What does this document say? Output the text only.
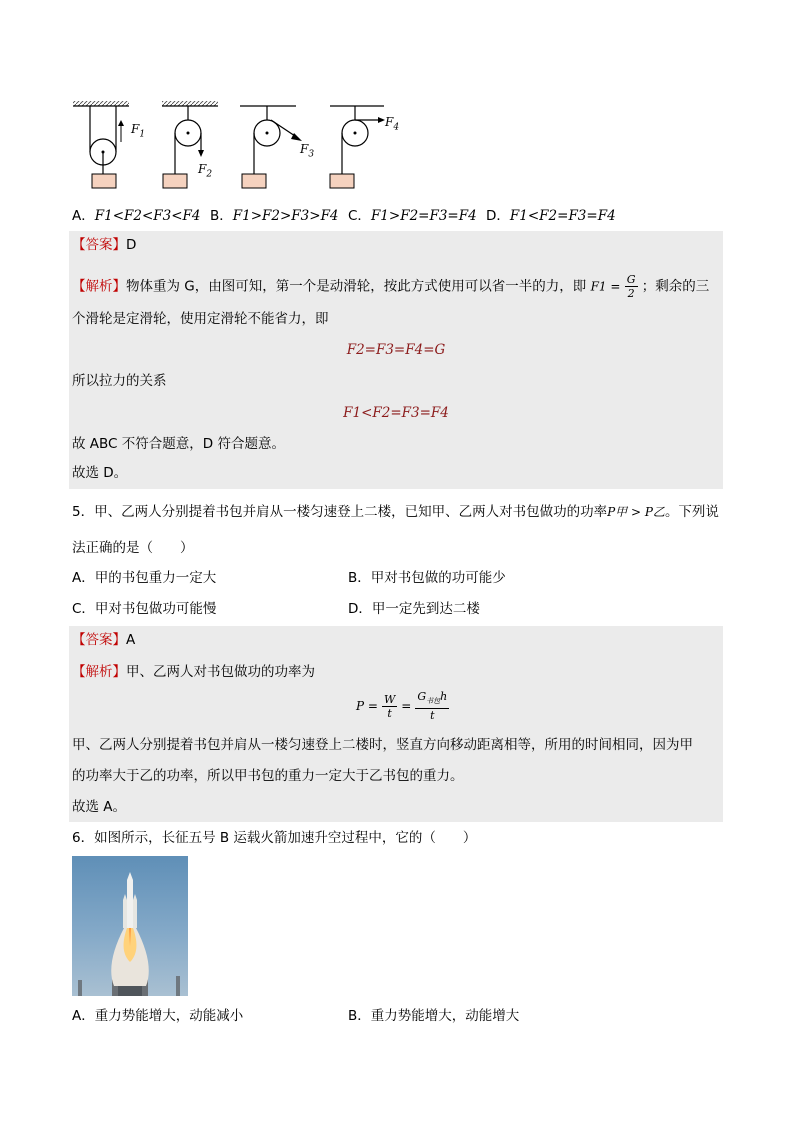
$F_1$
$F_2$
$F_3$
$F_4$
A．F1<F2<F3<F4 B．F1>F2>F3>F4 C．F1>F2=F3=F4 D．F1<F2=F3=F4
【答案】D
【解析】物体重为 G，由图可知，第一个是动滑轮，按此方式使用可以省一半的力，即 $F1 = \frac{G}{2}$ ；剩余的三
个滑轮是定滑轮，使用定滑轮不能省力，即
F2=F3=F4=G
所以拉力的关系
F1<F2=F3=F4
故 ABC 不符合题意，D 符合题意。
故选 D。
5．甲、乙两人分别提着书包并肩从一楼匀速登上二楼，已知甲、乙两人对书包做功的功率P甲 > P乙。下列说
法正确的是（　　）
A．甲的书包重力一定大	B．甲对书包做的功可能少
C．甲对书包做功可能慢	D．甲一定先到达二楼
【答案】A
【解析】甲、乙两人对书包做功的功率为
$P = \frac{W}{t} = \frac{G_{书包}h}{t}$
甲、乙两人分别提着书包并肩从一楼匀速登上二楼时，竖直方向移动距离相等，所用的时间相同，因为甲
的功率大于乙的功率，所以甲书包的重力一定大于乙书包的重力。
故选 A。
6．如图所示，长征五号 B 运载火箭加速升空过程中，它的（　　）
A．重力势能增大，动能减小	B．重力势能增大，动能增大
